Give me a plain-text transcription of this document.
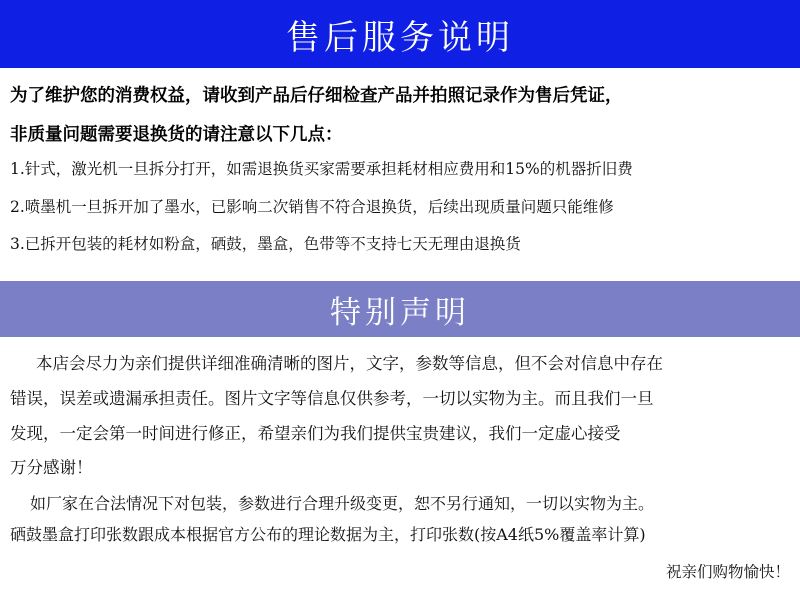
售后服务说明
为了维护您的消费权益，请收到产品后仔细检查产品并拍照记录作为售后凭证，
非质量问题需要退换货的请注意以下几点：
1.针式，激光机一旦拆分打开，如需退换货买家需要承担耗材相应费用和15%的机器折旧费
2.喷墨机一旦拆开加了墨水，已影响二次销售不符合退换货，后续出现质量问题只能维修
3.已拆开包装的耗材如粉盒，硒鼓，墨盒，色带等不支持七天无理由退换货
特别声明
本店会尽力为亲们提供详细准确清晰的图片，文字，参数等信息，但不会对信息中存在
错误，误差或遗漏承担责任。图片文字等信息仅供参考，一切以实物为主。而且我们一旦
发现，一定会第一时间进行修正，希望亲们为我们提供宝贵建议，我们一定虚心接受
万分感谢！
如厂家在合法情况下对包装，参数进行合理升级变更，恕不另行通知，一切以实物为主。
硒鼓墨盒打印张数跟成本根据官方公布的理论数据为主，打印张数(按A4纸5%覆盖率计算)
祝亲们购物愉快！
